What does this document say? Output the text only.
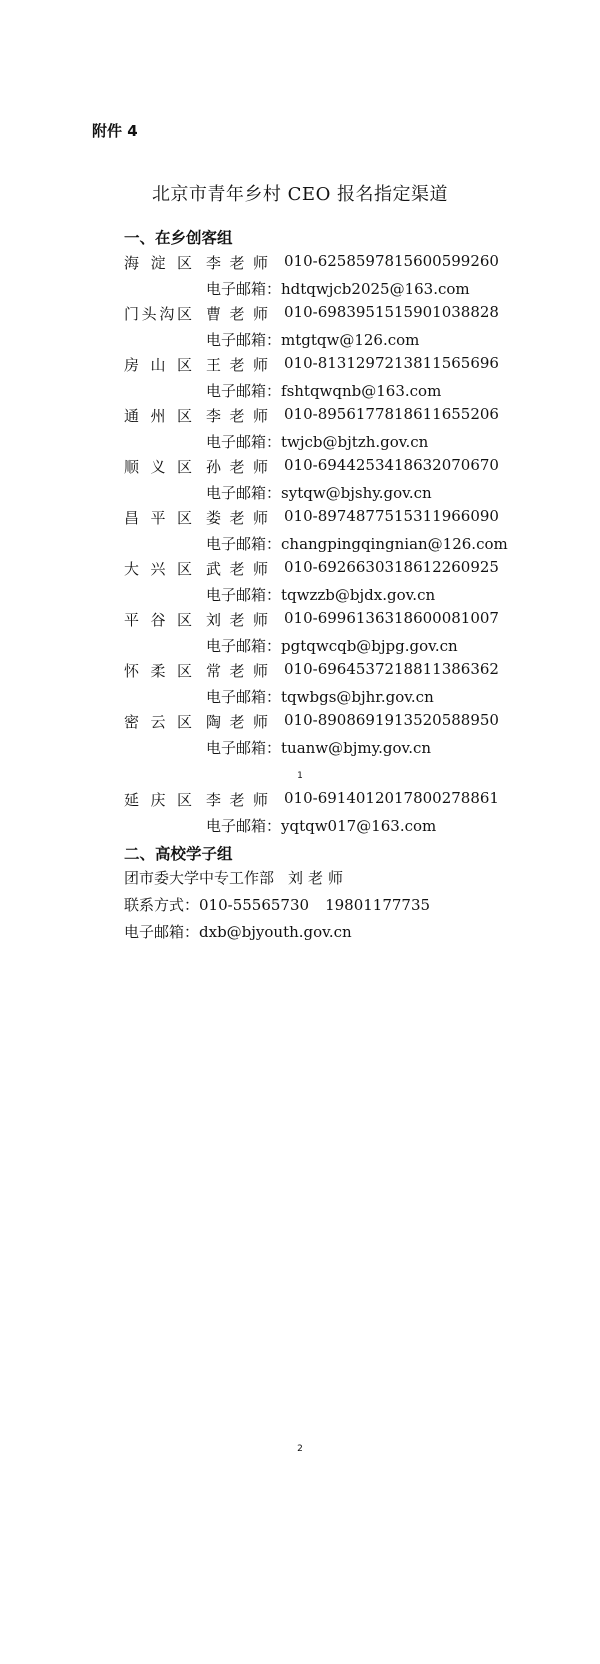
附件 4
北京市青年乡村 CEO 报名指定渠道
一、在乡创客组
海淀区 李老师 010-62585978 15600599260
电子邮箱：hdtqwjcb2025@163.com
门头沟区 曹老师 010-69839515 15901038828
电子邮箱：mtgtqw@126.com
房山区 王老师 010-81312972 13811565696
电子邮箱：fshtqwqnb@163.com
通州区 李老师 010-89561778 18611655206
电子邮箱：twjcb@bjtzh.gov.cn
顺义区 孙老师 010-69442534 18632070670
电子邮箱：sytqw@bjshy.gov.cn
昌平区 娄老师 010-89748775 15311966090
电子邮箱：changpingqingnian@126.com
大兴区 武老师 010-69266303 18612260925
电子邮箱：tqwzzb@bjdx.gov.cn
平谷区 刘老师 010-69961363 18600081007
电子邮箱：pgtqwcqb@bjpg.gov.cn
怀柔区 常老师 010-69645372 18811386362
电子邮箱：tqwbgs@bjhr.gov.cn
密云区 陶老师 010-89086919 13520588950
电子邮箱：tuanw@bjmy.gov.cn
延庆区 李老师 010-69140120 17800278861
电子邮箱：yqtqw017@163.com
1
二、高校学子组
团市委大学中专工作部 刘老师
联系方式：010-55565730 19801177735
电子邮箱：dxb@bjyouth.gov.cn
2
